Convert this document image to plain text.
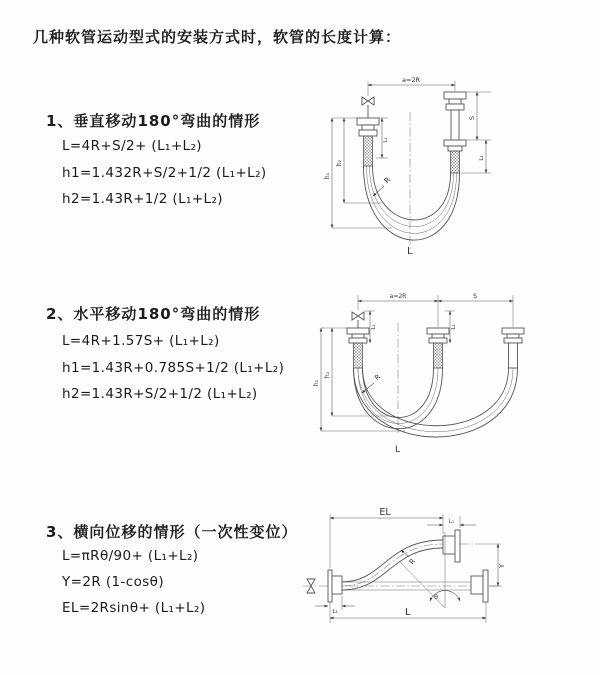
几种软管运动型式的安装方式时，软管的长度计算：
1、垂直移动180°弯曲的情形
L=4R+S/2+ (L₁+L₂)
h1=1.432R+S/2+1/2 (L₁+L₂)
h2=1.43R+1/2 (L₁+L₂)
2、水平移动180°弯曲的情形
L=4R+1.57S+ (L₁+L₂)
h1=1.43R+0.785S+1/2 (L₁+L₂)
h2=1.43R+S/2+1/2 (L₁+L₂)
3、横向位移的情形（一次性变位）
L=πRθ/90+ (L₁+L₂)
Y=2R (1-cosθ)
EL=2Rsinθ+ (L₁+L₂)
a=2R
h₁
h₂
L₁
S
L₂
R
L
a=2R	S
h₁
h₂
L₁	L₂
R
L
EL
L₁
Y
L
L₂
R
θ
